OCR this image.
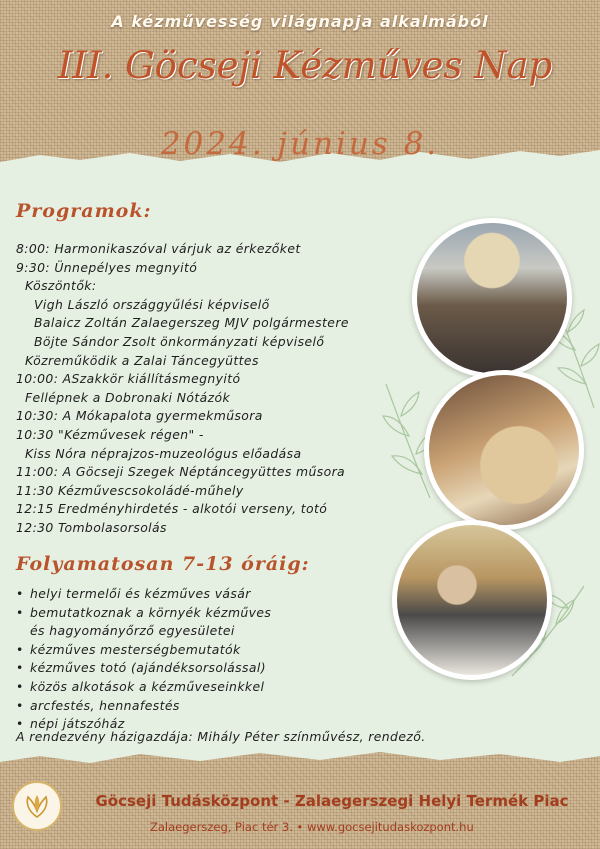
A kézművesség világnapja alkalmából
III. Göcseji Kézműves Nap
2024. június 8.
Programok:
8:00: Harmonikaszóval várjuk az érkezőket
9:30: Ünnepélyes megnyitó
Köszöntők:
Vigh László országgyűlési képviselő
Balaicz Zoltán Zalaegerszeg MJV polgármestere
Böjte Sándor Zsolt önkormányzati képviselő
Közreműködik a Zalai Táncegyüttes
10:00: ASzakkör kiállításmegnyitó
Fellépnek a Dobronaki Nótázók
10:30: A Mókapalota gyermekműsora
10:30 "Kézművesek régen" -
Kiss Nóra néprajzos-muzeológus előadása
11:00: A Göcseji Szegek Néptáncegyüttes műsora
11:30 Kézművescsokoládé-műhely
12:15 Eredményhirdetés - alkotói verseny, totó
12:30 Tombolasorsolás
Folyamatosan 7-13 óráig:
• helyi termelői és kézműves vásár
• bemutatkoznak a környék kézműves
és hagyományőrző egyesületei
• kézműves mesterségbemutatók
• kézműves totó (ajándéksorsolással)
• közös alkotások a kézműveseinkkel
• arcfestés, hennafestés
• népi játszóház
A rendezvény házigazdája: Mihály Péter színművész, rendező.
Göcseji Tudásközpont - Zalaegerszegi Helyi Termék Piac
Zalaegerszeg, Piac tér 3. • www.gocsejitudaskozpont.hu
